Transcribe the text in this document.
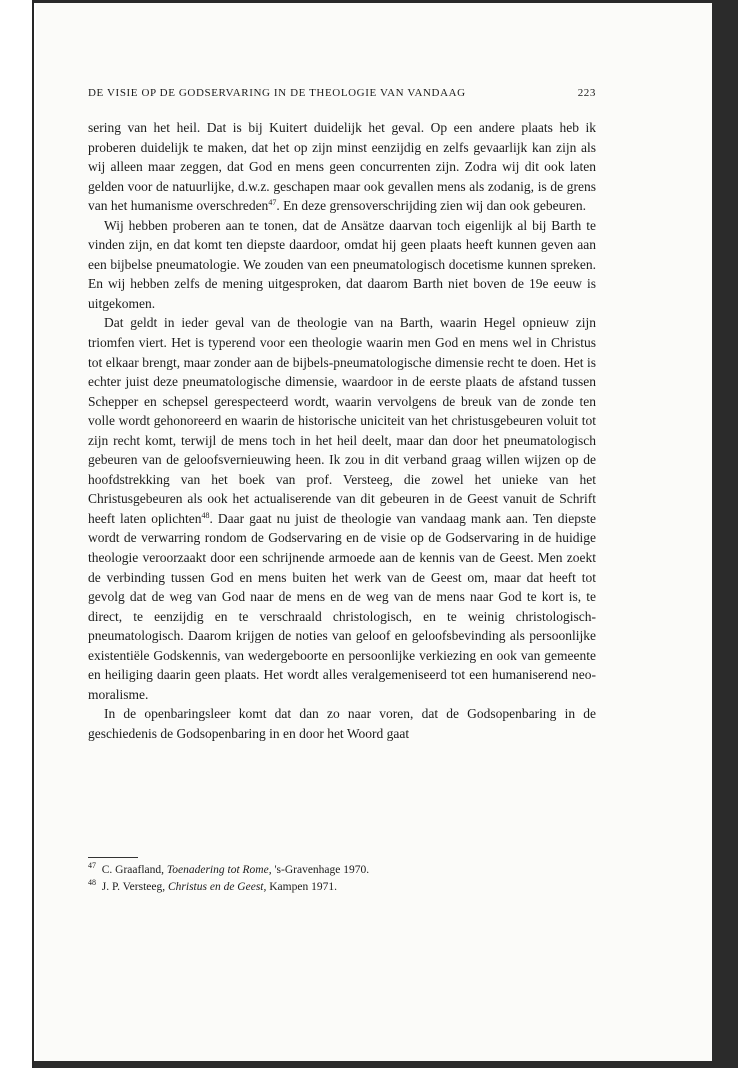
DE VISIE OP DE GODSERVARING IN DE THEOLOGIE VAN VANDAAG	223

sering van het heil. Dat is bij Kuitert duidelijk het geval. Op een andere plaats heb ik proberen duidelijk te maken, dat het op zijn minst eenzijdig en zelfs gevaarlijk kan zijn als wij alleen maar zeggen, dat God en mens geen concurrenten zijn. Zodra wij dit ook laten gelden voor de natuurlijke, d.w.z. geschapen maar ook gevallen mens als zodanig, is de grens van het humanisme overschreden$^{47}$. En deze grensoverschrijding zien wij dan ook gebeuren.

Wij hebben proberen aan te tonen, dat de Ansätze daarvan toch eigenlijk al bij Barth te vinden zijn, en dat komt ten diepste daardoor, omdat hij geen plaats heeft kunnen geven aan een bijbelse pneumatologie. We zouden van een pneumatologisch docetisme kunnen spreken. En wij hebben zelfs de mening uitgesproken, dat daarom Barth niet boven de 19e eeuw is uitgekomen.

Dat geldt in ieder geval van de theologie van na Barth, waarin Hegel opnieuw zijn triomfen viert. Het is typerend voor een theologie waarin men God en mens wel in Christus tot elkaar brengt, maar zonder aan de bijbels-pneumatologische dimensie recht te doen. Het is echter juist deze pneumatologische dimensie, waardoor in de eerste plaats de afstand tussen Schepper en schepsel gerespecteerd wordt, waarin vervolgens de breuk van de zonde ten volle wordt gehonoreerd en waarin de historische uniciteit van het christusgebeuren voluit tot zijn recht komt, terwijl de mens toch in het heil deelt, maar dan door het pneumatologisch gebeuren van de geloofsvernieuwing heen. Ik zou in dit verband graag willen wijzen op de hoofdstrekking van het boek van prof. Versteeg, die zowel het unieke van het Christusgebeuren als ook het actualiserende van dit gebeuren in de Geest vanuit de Schrift heeft laten oplichten$^{48}$. Daar gaat nu juist de theologie van vandaag mank aan. Ten diepste wordt de verwarring rondom de Godservaring en de visie op de Godservaring in de huidige theologie veroorzaakt door een schrijnende armoede aan de kennis van de Geest. Men zoekt de verbinding tussen God en mens buiten het werk van de Geest om, maar dat heeft tot gevolg dat de weg van God naar de mens en de weg van de mens naar God te kort is, te direct, te eenzijdig en te verschraald christologisch, en te weinig christologisch-pneumatologisch. Daarom krijgen de noties van geloof en geloofsbevinding als persoonlijke existentiële Godskennis, van wedergeboorte en persoonlijke verkiezing en ook van gemeente en heiliging daarin geen plaats. Het wordt alles veralgemeniseerd tot een humaniserend neo-moralisme.

In de openbaringsleer komt dat dan zo naar voren, dat de Godsopenbaring in de geschiedenis de Godsopenbaring in en door het Woord gaat

$^{47}$ C. Graafland, Toenadering tot Rome, 's-Gravenhage 1970.
$^{48}$ J. P. Versteeg, Christus en de Geest, Kampen 1971.
